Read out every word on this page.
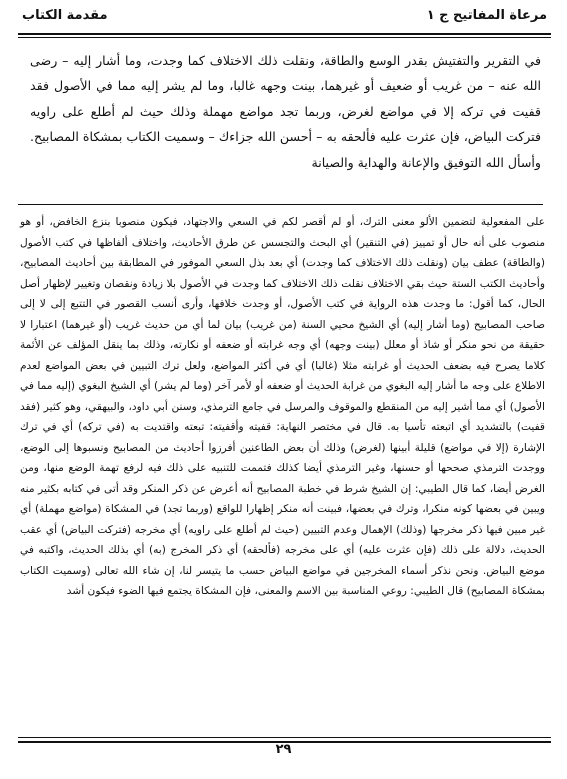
مرعاة المفاتيح ج ١
مقدمة الكتاب

في التقرير والتفتيش بقدر الوسع والطاقة، ونقلت ذلك الاختلاف كما وجدت، وما أشار إليه – رضى الله عنه – من غريب أو ضعيف أو غيرهما، بينت وجهه غالبا، وما لم يشر إليه مما في الأصول فقد قفيت في تركه إلا في مواضع لغرض، وربما تجد مواضع مهملة وذلك حيث لم أطلع على راويه فتركت البياض، فإن عثرت عليه فألحقه به – أحسن الله جزاءك – وسميت الكتاب بمشكاة المصابيح. وأسأل الله التوفيق والإعانة والهداية والصيانة

على المفعولية لتضمين الألو معنى الترك، أو لم أقصر لكم في السعي والاجتهاد، فيكون منصوبا بنزع الخافض، أو هو منصوب على أنه حال أو تمييز (في التنقير) أي البحث والتجسس عن طرق الأحاديث، واختلاف ألفاظها في كتب الأصول (والطاقة) عطف بيان (ونقلت ذلك الاختلاف كما وجدت) أي بعد بذل السعي الموفور في المطابقة بين أحاديث المصابيح، وأحاديث الكتب الستة حيث بقي الاختلاف نقلت ذلك الاختلاف كما وجدت في الأصول بلا زيادة ونقصان وتغيير لإظهار أصل الحال، كما أقول: ما وجدت هذه الرواية في كتب الأصول، أو وجدت خلافها، وأرى أنسب القصور في التتبع إلى لا إلى صاحب المصابيح (وما أشار إليه) أي الشيخ محيي السنة (من غريب) بيان لما أي من حديث غريب (أو غيرهما) اعتبارا لا حقيقة من نحو منكر أو شاذ أو معلل (بينت وجهه) أي وجه غرابته أو ضعفه أو نكارته، وذلك بما ينقل المؤلف عن الأئمة كلاما يصرح فيه بضعف الحديث أو غرابته مثلا (غالبا) أي في أكثر المواضع، ولعل ترك التبيين في بعض المواضع لعدم الاطلاع على وجه ما أشار إليه البغوي من غرابة الحديث أو ضعفه أو لأمر آخر (وما لم يشر) أي الشيخ البغوي (إليه مما في الأصول) أي مما أشير إليه من المنقطع والموقوف والمرسل في جامع الترمذي، وسنن أبي داود، والبيهقي، وهو كثير (فقد قفيت) بالتشديد أي اتبعته تأسيا به. قال في مختصر النهاية: قفيته وأقفيته: تبعته واقتديت به (في تركه) أي في ترك الإشارة (إلا في مواضع) قليلة أبينها (لغرض) وذلك أن بعض الطاعنين أفرزوا أحاديث من المصابيح ونسبوها إلى الوضع، ووجدت الترمذي صححها أو حسنها، وغير الترمذي أيضا كذلك فتممت للتنبيه على ذلك فيه لرفع تهمة الوضع منها، ومن الغرض أيضا، كما قال الطيبي: إن الشيخ شرط في خطبة المصابيح أنه أعرض عن ذكر المنكر وقد أتى في كتابه بكثير منه ويبين في بعضها كونه منكرا، وترك في بعضها، فبينت أنه منكر إظهارا للواقع (وربما تجد) في المشكاة (مواضع مهملة) أي غير مبين فيها ذكر مخرجها (وذلك) الإهمال وعدم التبيين (حيث لم أطلع على راويه) أي مخرجه (فتركت البياض) أي عقب الحديث، دلالة على ذلك (فإن عثرت عليه) أي على مخرجه (فألحقه) أي ذكر المخرج (به) أي بذلك الحديث، واكتبه في موضع البياض. ونحن نذكر أسماء المخرجين في مواضع البياض حسب ما يتيسر لنا، إن شاء الله تعالى (وسميت الكتاب بمشكاة المصابيح) قال الطيبي: روعي المناسبة بين الاسم والمعنى، فإن المشكاة يجتمع فيها الضوء فيكون أشد

٢٩
